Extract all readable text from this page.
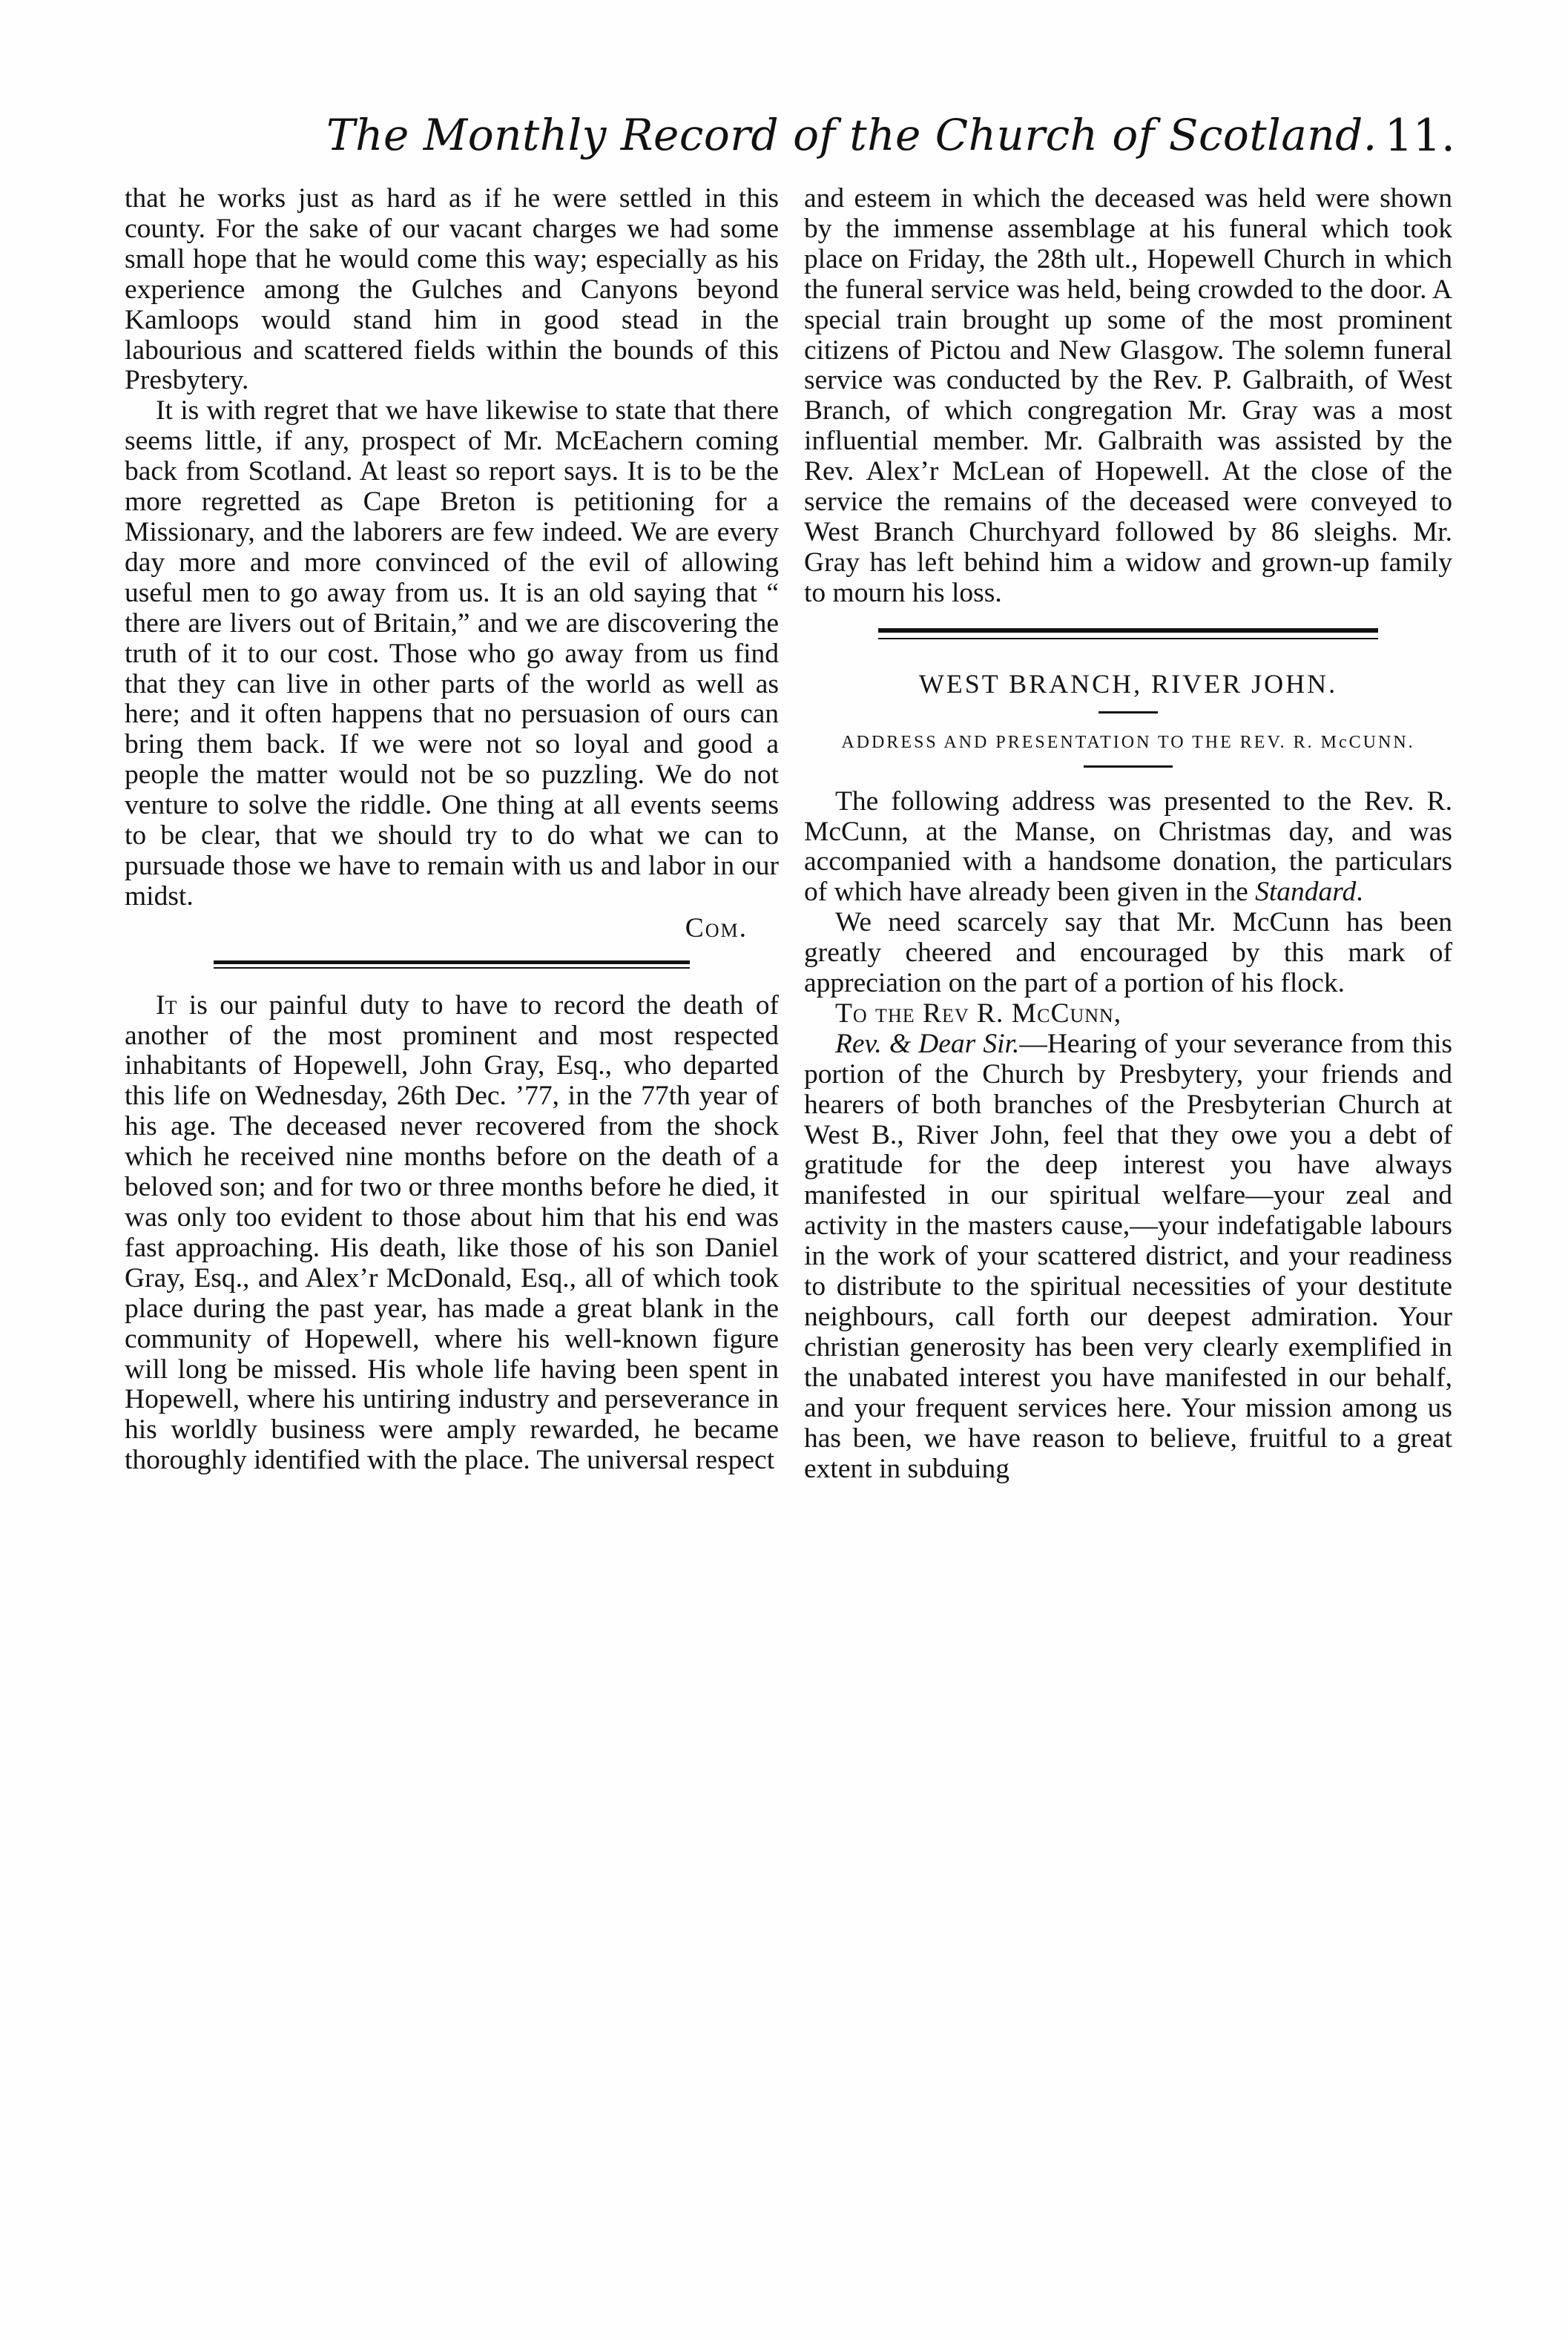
The Monthly Record of the Church of Scotland. 11.

that he works just as hard as if he were settled in this county. For the sake of our vacant charges we had some small hope that he would come this way; especially as his experience among the Gulches and Canyons beyond Kamloops would stand him in good stead in the labourious and scattered fields within the bounds of this Presbytery.

It is with regret that we have likewise to state that there seems little, if any, prospect of Mr. McEachern coming back from Scotland. At least so report says. It is to be the more regretted as Cape Breton is petitioning for a Missionary, and the laborers are few indeed. We are every day more and more convinced of the evil of allowing useful men to go away from us. It is an old saying that “ there are livers out of Britain,” and we are discovering the truth of it to our cost. Those who go away from us find that they can live in other parts of the world as well as here; and it often happens that no persuasion of ours can bring them back. If we were not so loyal and good a people the matter would not be so puzzling. We do not venture to solve the riddle. One thing at all events seems to be clear, that we should try to do what we can to pursuade those we have to remain with us and labor in our midst.

Com.

It is our painful duty to have to record the death of another of the most prominent and most respected inhabitants of Hopewell, John Gray, Esq., who departed this life on Wednesday, 26th Dec. ’77, in the 77th year of his age. The deceased never recovered from the shock which he received nine months before on the death of a beloved son; and for two or three months before he died, it was only too evident to those about him that his end was fast approaching. His death, like those of his son Daniel Gray, Esq., and Alex’r McDonald, Esq., all of which took place during the past year, has made a great blank in the community of Hopewell, where his well-known figure will long be missed. His whole life having been spent in Hopewell, where his untiring industry and perseverance in his worldly business were amply rewarded, he became thoroughly identified with the place. The universal respect

and esteem in which the deceased was held were shown by the immense assemblage at his funeral which took place on Friday, the 28th ult., Hopewell Church in which the funeral service was held, being crowded to the door. A special train brought up some of the most prominent citizens of Pictou and New Glasgow. The solemn funeral service was conducted by the Rev. P. Galbraith, of West Branch, of which congregation Mr. Gray was a most influential member. Mr. Galbraith was assisted by the Rev. Alex’r McLean of Hopewell. At the close of the service the remains of the deceased were conveyed to West Branch Churchyard followed by 86 sleighs. Mr. Gray has left behind him a widow and grown-up family to mourn his loss.

WEST BRANCH, RIVER JOHN.
ADDRESS AND PRESENTATION TO THE REV. R. McCUNN.

The following address was presented to the Rev. R. McCunn, at the Manse, on Christmas day, and was accompanied with a handsome donation, the particulars of which have already been given in the Standard.

We need scarcely say that Mr. McCunn has been greatly cheered and encouraged by this mark of appreciation on the part of a portion of his flock.

To the Rev R. McCunn,

Rev. & Dear Sir.—Hearing of your severance from this portion of the Church by Presbytery, your friends and hearers of both branches of the Presbyterian Church at West B., River John, feel that they owe you a debt of gratitude for the deep interest you have always manifested in our spiritual welfare—your zeal and activity in the masters cause,—your indefatigable labours in the work of your scattered district, and your readiness to distribute to the spiritual necessities of your destitute neighbours, call forth our deepest admiration. Your christian generosity has been very clearly exemplified in the unabated interest you have manifested in our behalf, and your frequent services here. Your mission among us has been, we have reason to believe, fruitful to a great extent in subduing
